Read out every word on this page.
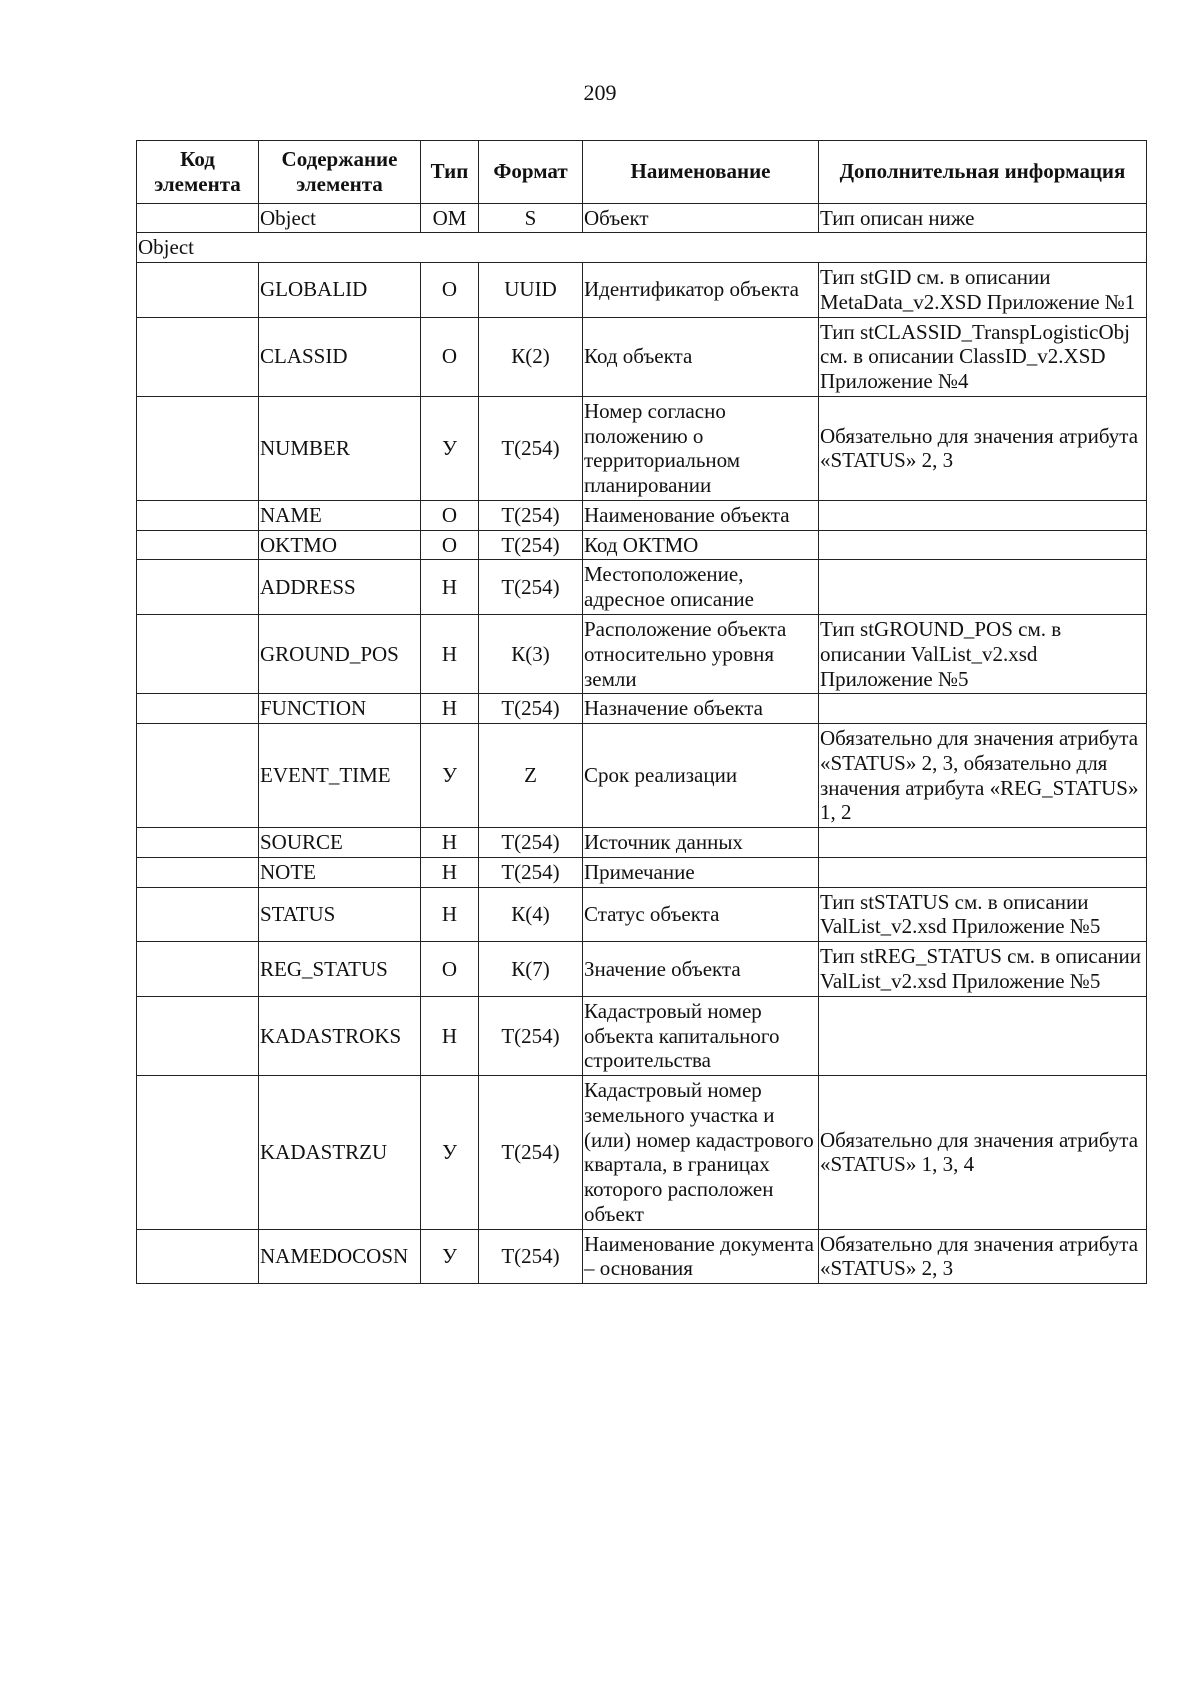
209
Код элемента	Содержание элемента	Тип	Формат	Наименование	Дополнительная информация
	Object	ОМ	S	Объект	Тип описан ниже
Object					
	GLOBALID	О	UUID	Идентификатор объекта	Тип stGID см. в описании MetaData_v2.XSD Приложение №1
	CLASSID	О	К(2)	Код объекта	Тип stCLASSID_TranspLogisticObj см. в описании ClassID_v2.XSD Приложение №4
	NUMBER	У	Т(254)	Номер согласно положению о территориальном планировании	Обязательно для значения атрибута «STATUS» 2, 3
	NAME	О	Т(254)	Наименование объекта	
	OKTMO	О	Т(254)	Код ОКТМО	
	ADDRESS	Н	Т(254)	Местоположение, адресное описание	
	GROUND_POS	Н	К(3)	Расположение объекта относительно уровня земли	Тип stGROUND_POS см. в описании ValList_v2.xsd Приложение №5
	FUNCTION	Н	Т(254)	Назначение объекта	
	EVENT_TIME	У	Z	Срок реализации	Обязательно для значения атрибута «STATUS» 2, 3, обязательно для значения атрибута «REG_STATUS» 1, 2
	SOURCE	Н	Т(254)	Источник данных	
	NOTE	Н	Т(254)	Примечание	
	STATUS	Н	К(4)	Статус объекта	Тип stSTATUS см. в описании ValList_v2.xsd Приложение №5
	REG_STATUS	О	К(7)	Значение объекта	Тип stREG_STATUS см. в описании ValList_v2.xsd Приложение №5
	KADASTROKS	Н	Т(254)	Кадастровый номер объекта капитального строительства	
	KADASTRZU	У	Т(254)	Кадастровый номер земельного участка и (или) номер кадастрового квартала, в границах которого расположен объект	Обязательно для значения атрибута «STATUS» 1, 3, 4
	NAMEDOCOSN	У	Т(254)	Наименование документа – основания	Обязательно для значения атрибута «STATUS» 2, 3
